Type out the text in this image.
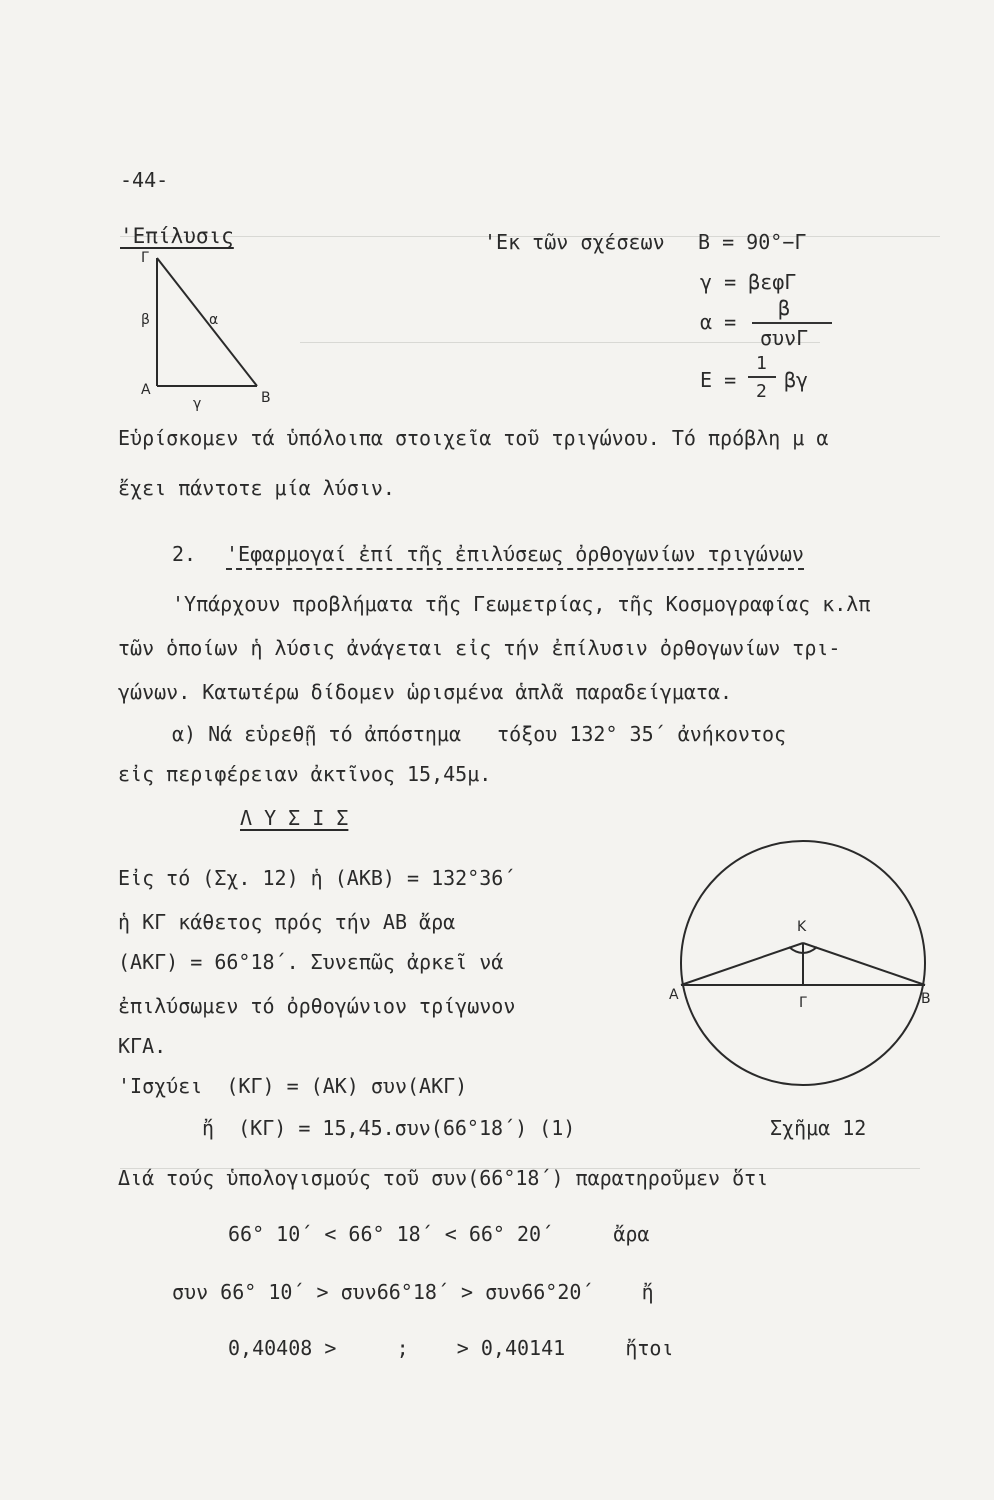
-44-
'Επίλυσις
Γ
β	α
Α	Β
γ
'Εκ τῶν σχέσεων Β = 90°−Γ
γ = βεφΓ
α =
β
συνΓ
Ε =
1
2 βγ
Εὑρίσκομεν τά ὑπόλοιπα στοιχεῖα τοῦ τριγώνου. Τό πρόβλη μ α
ἔχει πάντοτε μία λύσιν.
2. 'Εφαρμογαί ἐπί τῆς ἐπιλύσεως ὀρθογωνίων τριγώνων
'Υπάρχουν προβλήματα τῆς Γεωμετρίας, τῆς Κοσμογραφίας κ.λπ
τῶν ὁποίων ἡ λύσις ἀνάγεται εἰς τήν ἐπίλυσιν ὀρθογωνίων τρι-
γώνων. Κατωτέρω δίδομεν ὡρισμένα ἁπλᾶ παραδείγματα.
α) Νά εὑρεθῇ τό ἀπόστημα   τόξου 132° 35΄ ἀνήκοντος
εἰς περιφέρειαν ἀκτῖνος 15,45μ.
Λ Υ Σ Ι Σ
Εἰς τό (Σχ. 12) ἡ (ΑΚΒ) = 132°36΄
ἡ ΚΓ κάθετος πρός τήν ΑΒ ἄρα
(ΑΚΓ) = 66°18΄. Συνεπῶς ἀρκεῖ νά
ἐπιλύσωμεν τό ὀρθογώνιον τρίγωνον
ΚΓΑ.
'Ισχύει  (ΚΓ) = (ΑΚ) συν(ΑΚΓ)
ἤ  (ΚΓ) = 15,45.συν(66°18΄) (1)
Κ
Γ
Α	Β
Σχῆμα 12
Διά τούς ὑπολογισμούς τοῦ συν(66°18΄) παρατηροῦμεν ὅτι
66° 10΄ < 66° 18΄ < 66° 20΄     ἄρα
συν 66° 10΄ > συν66°18΄ > συν66°20΄    ἤ
0,40408 >     ;    > 0,40141     ἤτοι
